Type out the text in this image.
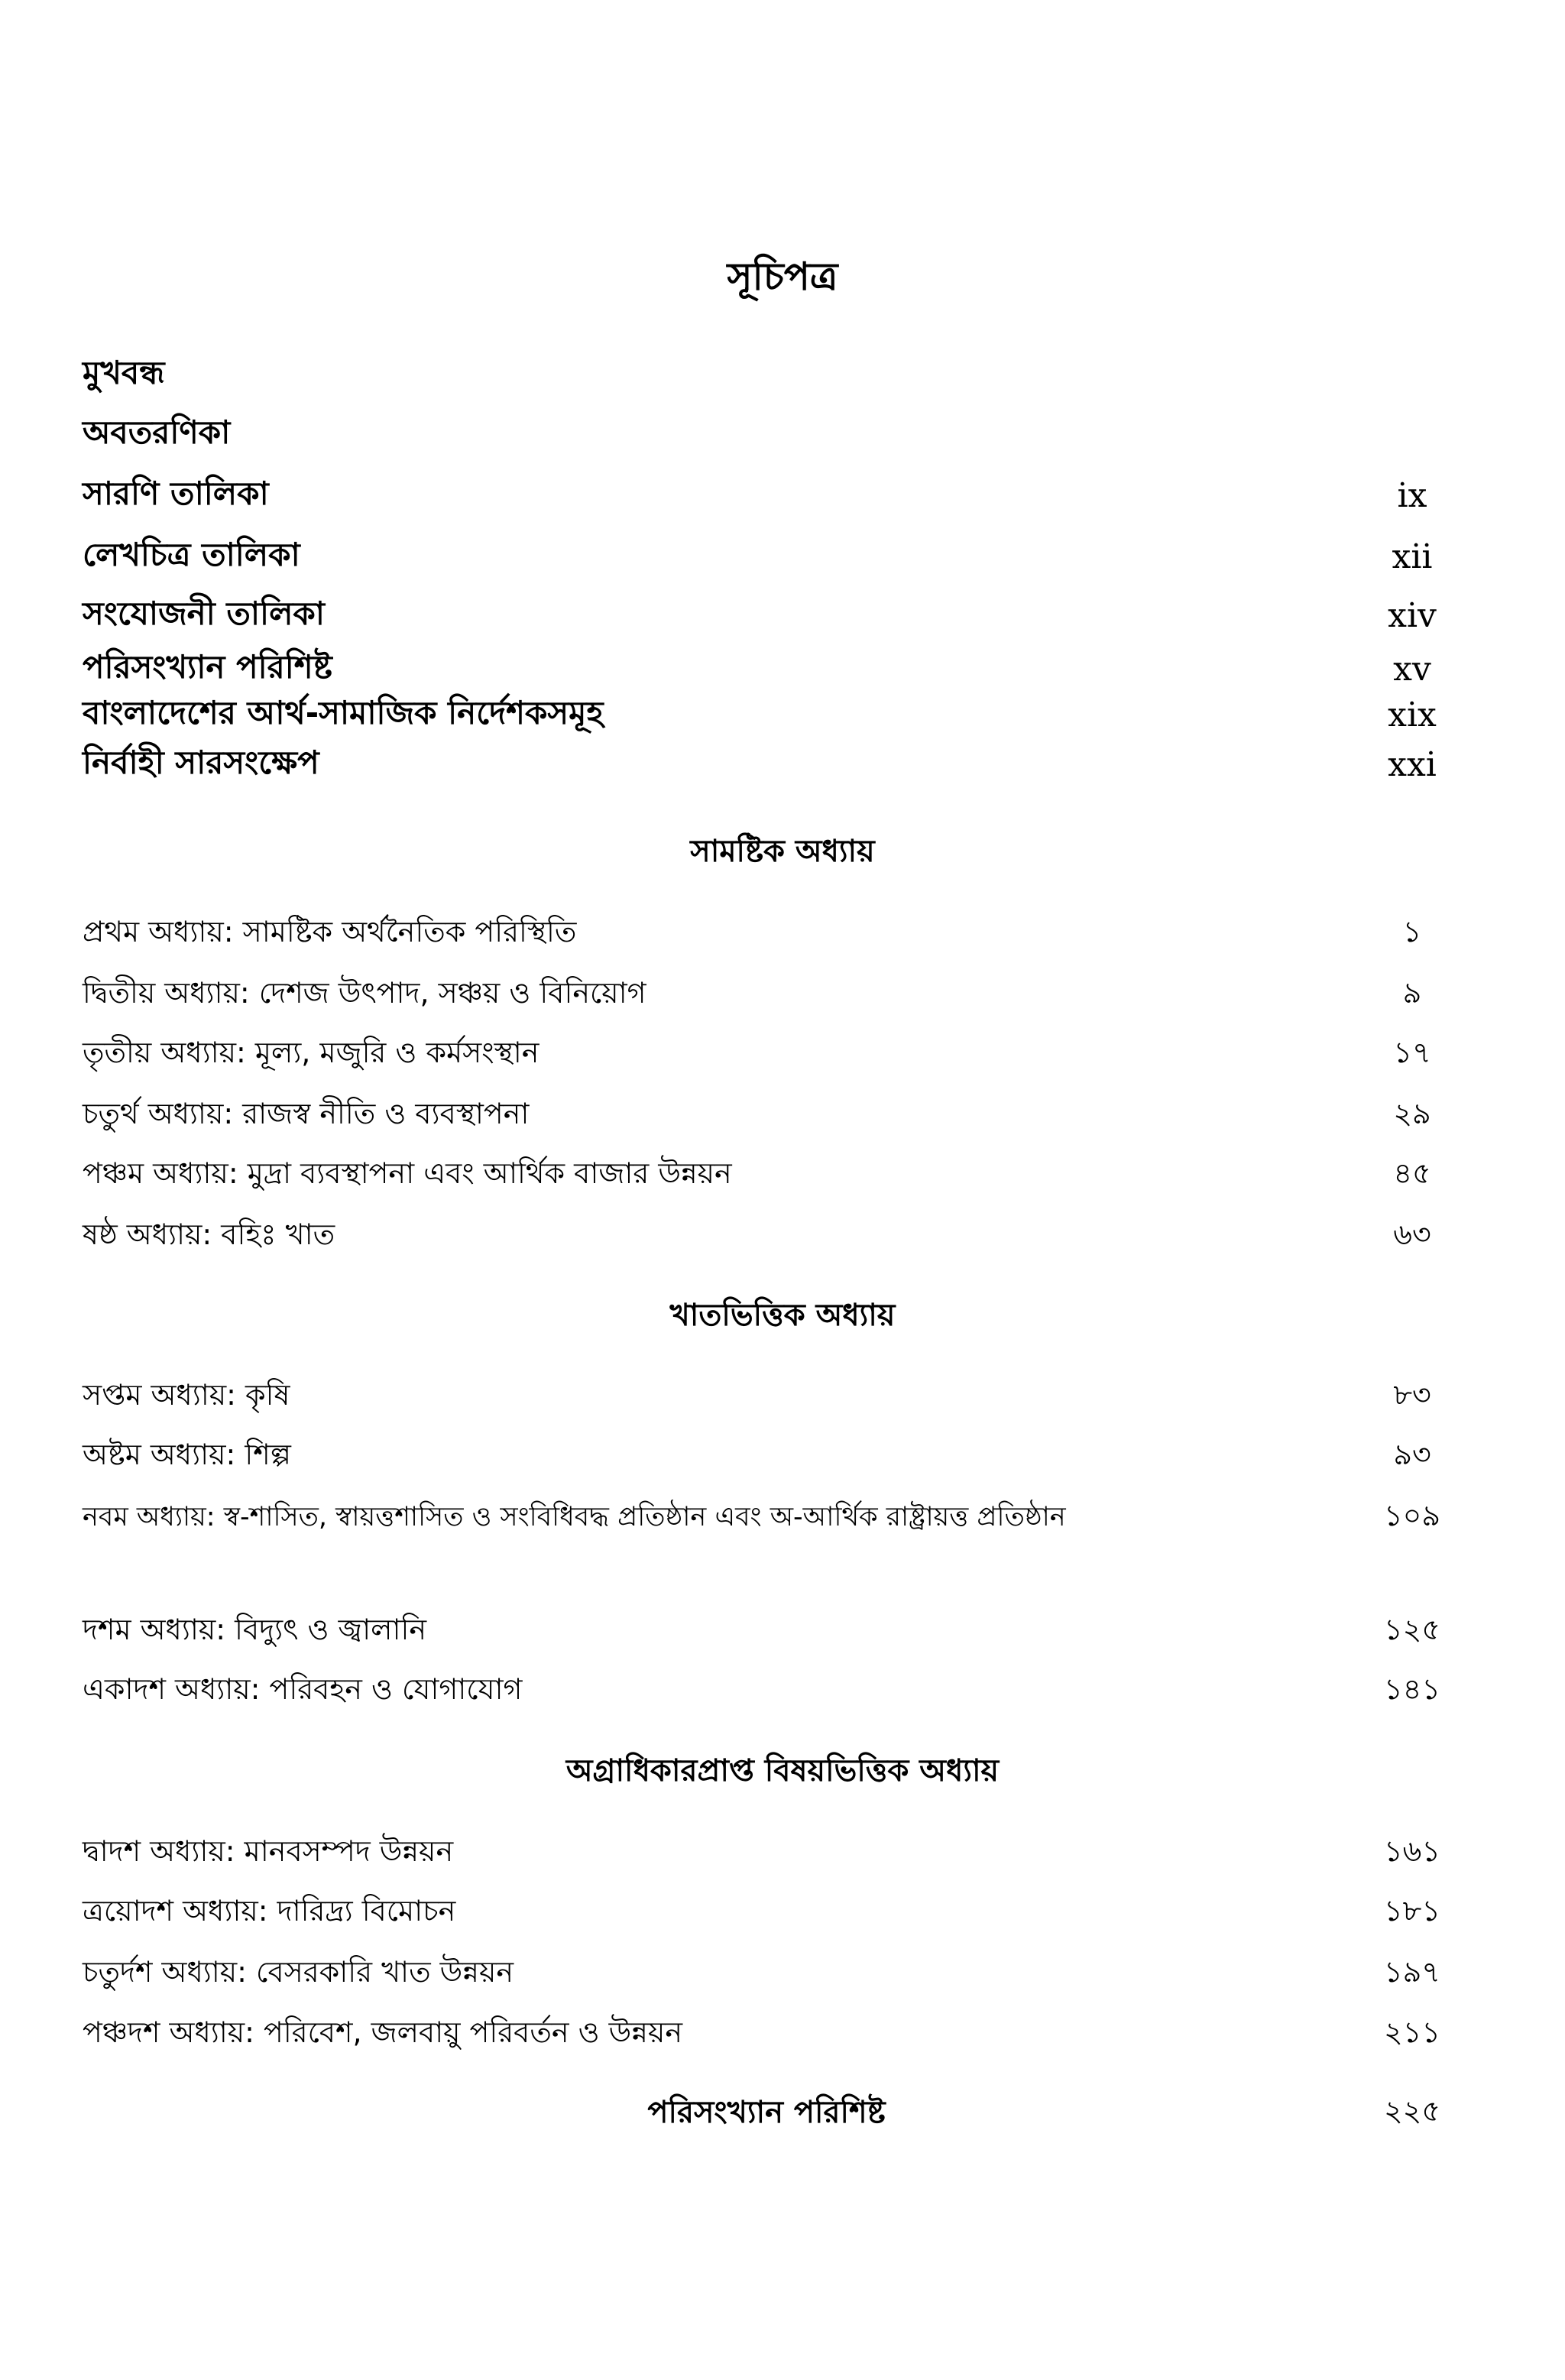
সূচিপত্র
মুখবন্ধ
অবতরণিকা
সারণি তালিকা	ix
লেখচিত্র তালিকা	xii
সংযোজনী তালিকা	xiv
পরিসংখ্যান পরিশিষ্ট	xv
বাংলাদেশের আর্থ-সামাজিক নির্দেশকসমূহ	xix
নির্বাহী সারসংক্ষেপ	xxi
সামষ্টিক অধ্যায়
প্রথম অধ্যায়: সামষ্টিক অর্থনৈতিক পরিস্থিতি	১
দ্বিতীয় অধ্যায়: দেশজ উৎপাদ, সঞ্চয় ও বিনিয়োগ	৯
তৃতীয় অধ্যায়: মূল্য, মজুরি ও কর্মসংস্থান	১৭
চতুর্থ অধ্যায়: রাজস্ব নীতি ও ব্যবস্থাপনা	২৯
পঞ্চম অধ্যায়: মুদ্রা ব্যবস্থাপনা এবং আর্থিক বাজার উন্নয়ন	৪৫
ষষ্ঠ অধ্যায়: বহিঃ খাত	৬৩
খাতভিত্তিক অধ্যায়
সপ্তম অধ্যায়: কৃষি	৮৩
অষ্টম অধ্যায়: শিল্প	৯৩
নবম অধ্যায়: স্ব-শাসিত, স্বায়ত্তশাসিত ও সংবিধিবদ্ধ প্রতিষ্ঠান এবং অ-আর্থিক রাষ্ট্রায়ত্ত প্রতিষ্ঠান	১০৯
দশম অধ্যায়: বিদ্যুৎ ও জ্বালানি	১২৫
একাদশ অধ্যায়: পরিবহন ও যোগাযোগ	১৪১
অগ্রাধিকারপ্রাপ্ত বিষয়ভিত্তিক অধ্যায়
দ্বাদশ অধ্যায়: মানবসম্পদ উন্নয়ন	১৬১
ত্রয়োদশ অধ্যায়: দারিদ্র্য বিমোচন	১৮১
চতুর্দশ অধ্যায়: বেসরকারি খাত উন্নয়ন	১৯৭
পঞ্চদশ অধ্যায়: পরিবেশ, জলবায়ু পরিবর্তন ও উন্নয়ন	২১১
পরিসংখ্যান পরিশিষ্ট	২২৫
